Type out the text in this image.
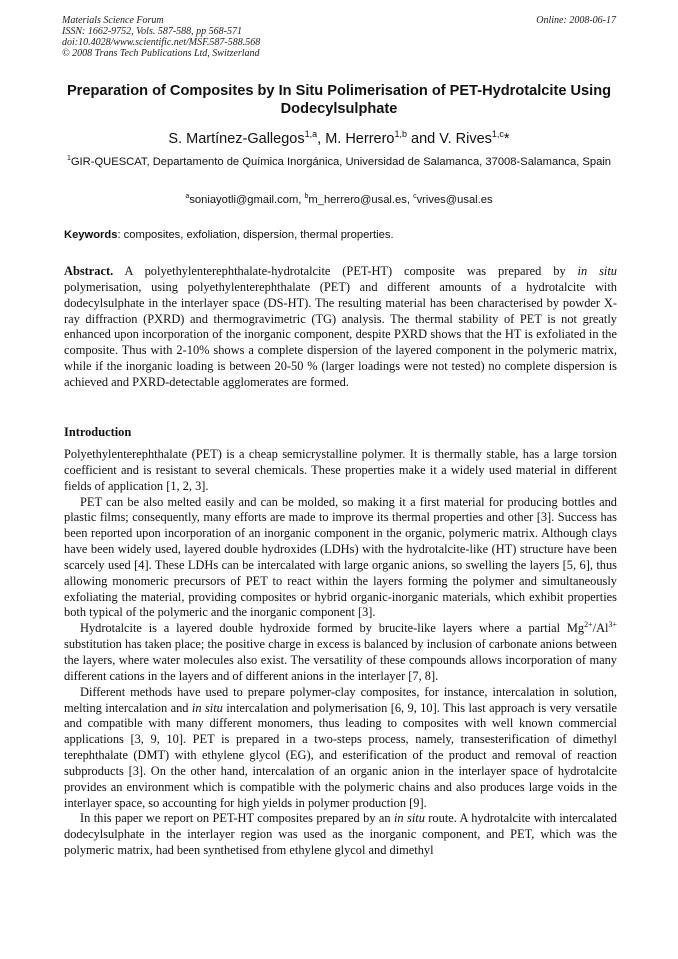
Materials Science Forum
ISSN: 1662-9752, Vols. 587-588, pp 568-571
doi:10.4028/www.scientific.net/MSF.587-588.568
© 2008 Trans Tech Publications Ltd, Switzerland
Online: 2008-06-17
Preparation of Composites by In Situ Polimerisation of PET-Hydrotalcite Using Dodecylsulphate
S. Martínez-Gallegos$^{1,a}$, M. Herrero$^{1,b}$ and V. Rives$^{1,c}$*
$^1$GIR-QUESCAT, Departamento de Química Inorgánica, Universidad de Salamanca, 37008-Salamanca, Spain
$^a$soniayotli@gmail.com, $^b$m_herrero@usal.es, $^c$vrives@usal.es
Keywords: composites, exfoliation, dispersion, thermal properties.
Abstract. A polyethylenterephthalate-hydrotalcite (PET-HT) composite was prepared by in situ polymerisation, using polyethylenterephthalate (PET) and different amounts of a hydrotalcite with dodecylsulphate in the interlayer space (DS-HT). The resulting material has been characterised by powder X-ray diffraction (PXRD) and thermogravimetric (TG) analysis. The thermal stability of PET is not greatly enhanced upon incorporation of the inorganic component, despite PXRD shows that the HT is exfoliated in the composite. Thus with 2-10% shows a complete dispersion of the layered component in the polymeric matrix, while if the inorganic loading is between 20-50 % (larger loadings were not tested) no complete dispersion is achieved and PXRD-detectable agglomerates are formed.
Introduction

Polyethylenterephthalate (PET) is a cheap semicrystalline polymer. It is thermally stable, has a large torsion coefficient and is resistant to several chemicals. These properties make it a widely used material in different fields of application [1, 2, 3].

PET can be also melted easily and can be molded, so making it a first material for producing bottles and plastic films; consequently, many efforts are made to improve its thermal properties and other [3]. Success has been reported upon incorporation of an inorganic component in the organic, polymeric matrix. Although clays have been widely used, layered double hydroxides (LDHs) with the hydrotalcite-like (HT) structure have been scarcely used [4]. These LDHs can be intercalated with large organic anions, so swelling the layers [5, 6], thus allowing monomeric precursors of PET to react within the layers forming the polymer and simultaneously exfoliating the material, providing composites or hybrid organic-inorganic materials, which exhibit properties both typical of the polymeric and the inorganic component [3].

Hydrotalcite is a layered double hydroxide formed by brucite-like layers where a partial $Mg^{2+}/Al^{3+}$ substitution has taken place; the positive charge in excess is balanced by inclusion of carbonate anions between the layers, where water molecules also exist. The versatility of these compounds allows incorporation of many different cations in the layers and of different anions in the interlayer [7, 8].

Different methods have used to prepare polymer-clay composites, for instance, intercalation in solution, melting intercalation and in situ intercalation and polymerisation [6, 9, 10]. This last approach is very versatile and compatible with many different monomers, thus leading to composites with well known commercial applications [3, 9, 10]. PET is prepared in a two-steps process, namely, transesterification of dimethyl terephthalate (DMT) with ethylene glycol (EG), and esterification of the product and removal of reaction subproducts [3]. On the other hand, intercalation of an organic anion in the interlayer space of hydrotalcite provides an environment which is compatible with the polymeric chains and also produces large voids in the interlayer space, so accounting for high yields in polymer production [9].

In this paper we report on PET-HT composites prepared by an in situ route. A hydrotalcite with intercalated dodecylsulphate in the interlayer region was used as the inorganic component, and PET, which was the polymeric matrix, had been synthetised from ethylene glycol and dimethyl
